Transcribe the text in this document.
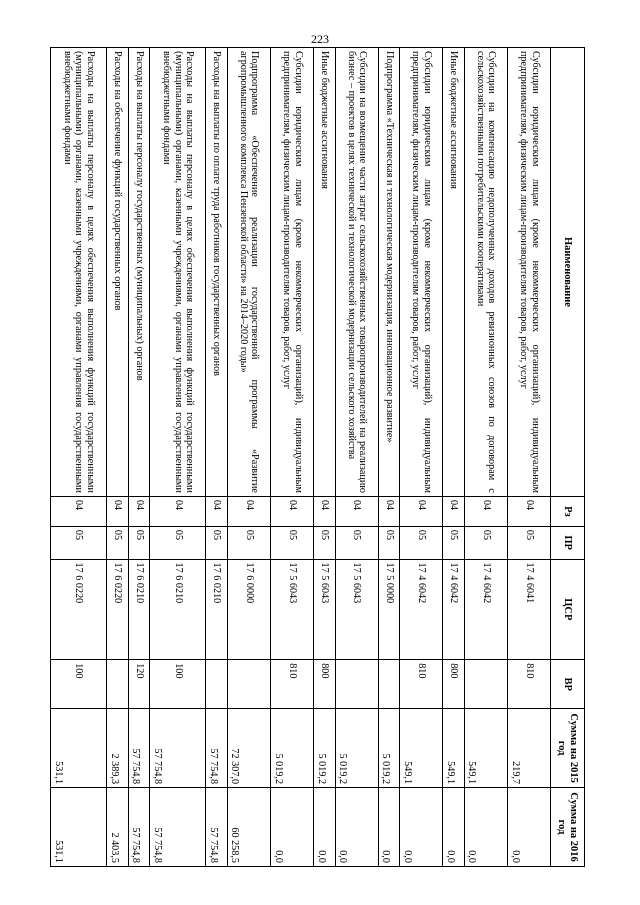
223
Наименование	Рз	ПР	ЦСР	ВР	Сумма на 2015 год	Сумма на 2016 год
Субсидии юридическим лицам (кроме некоммерческих организаций), индивидуальным предпринимателям, физическим лицам-производителям товаров, работ, услуг	04	05	17 4 6041	810	219,7	0,0
Субсидии на компенсацию недополученных доходов ревизионных союзов по договорам с сельскохозяйственными потребительскими кооперативами	04	05	17 4 6042		549,1	0,0
Иные бюджетные ассигнования	04	05	17 4 6042	800	549,1	0,0
Субсидии юридическим лицам (кроме некоммерческих организаций), индивидуальным предпринимателям, физическим лицам-производителям товаров, работ, услуг	04	05	17 4 6042	810	549,1	0,0
Подпрограмма «Техническая и технологическая модернизация, инновационное развитие»	04	05	17 5 0000		5 019,2	0,0
Субсидии на возмещение части затрат сельскохозяйственных товаропроизводителей на реализацию бизнес – проектов в целях технической и технологической модернизации сельского хозяйства	04	05	17 5 6043		5 019,2	0,0
Иные бюджетные ассигнования	04	05	17 5 6043	800	5 019,2	0,0
Субсидии юридическим лицам (кроме некоммерческих организаций), индивидуальным предпринимателям, физическим лицам-производителям товаров, работ, услуг	04	05	17 5 6043	810	5 019,2	0,0
Подпрограмма «Обеспечение реализации государственной программы «Развитие агропромышленного комплекса Пензенской области» на 2014–2020 годы»	04	05	17 6 0000		72 307,0	60 258,5
Расходы на выплаты по оплате труда работников государственных органов	04	05	17 6 0210		57 754,8	57 754,8
Расходы на выплаты персоналу в целях обеспечения выполнения функций государственными (муниципальными) органами, казенными учреждениями, органами управления государственными внебюджетными фондами	04	05	17 6 0210	100	57 754,8	57 754,8
Расходы на выплаты персоналу государственных (муниципальных) органов	04	05	17 6 0210	120	57 754,8	57 754,8
Расходы на обеспечение функций государственных органов	04	05	17 6 0220		2 389,3	2 403,5
Расходы на выплаты персоналу в целях обеспечения выполнения функций государственными (муниципальными) органами, казенными учреждениями, органами управления государственными внебюджетными фондами	04	05	17 6 0220	100	531,1	531,1
